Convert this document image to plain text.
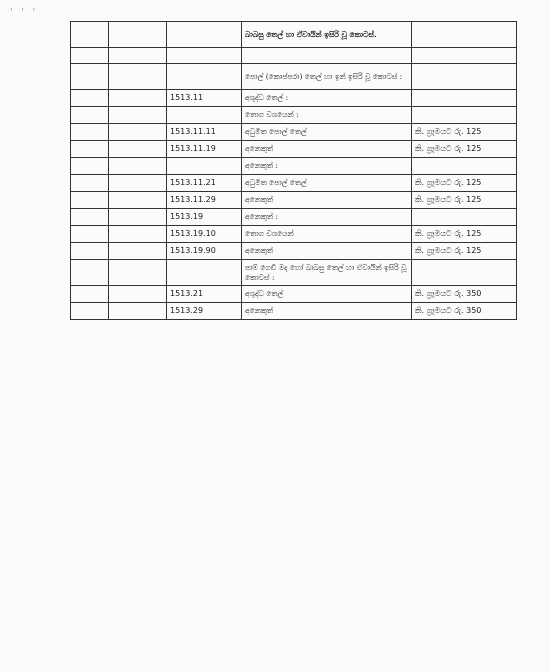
' ' '
			බාබසු තෙල් හා ඒවායින් ඉසිරි වූ කොටස්.	

			පොල් (කොප්පරා) තෙල් හා ඉන් ඉසිරි වූ කොටස් :	
		1513.11	අශුද්ධ තෙල් :	
			තොග වශයෙන් :	
		1513.11.11	අධුමිත පොල් තෙල්	කි. ග්‍රෑමයට රු. 125
		1513.11.19	අනෙකුත්	කි. ග්‍රෑමයට රු. 125
			අනෙකුත් :	
		1513.11.21	අධුමිත පොල් තෙල්	කි. ග්‍රෑමයට රු. 125
		1513.11.29	අනෙකුත්	කි. ග්‍රෑමයට රු. 125
		1513.19	අනෙකුත් :	
		1513.19.10	තොග වශයෙන්	කි. ග්‍රෑමයට රු. 125
		1513.19.90	අනෙකුත්	කි. ග්‍රෑමයට රු. 125
			පාම් ගෙඩි මද හෝ බාබසු තෙල් හා ඒවායින් ඉසිරි වූ කොටස් :	
		1513.21	අශුද්ධ තෙල්	කි. ග්‍රෑමයට රු. 350
		1513.29	අනෙකුත්	කි. ග්‍රෑමයට රු. 350
